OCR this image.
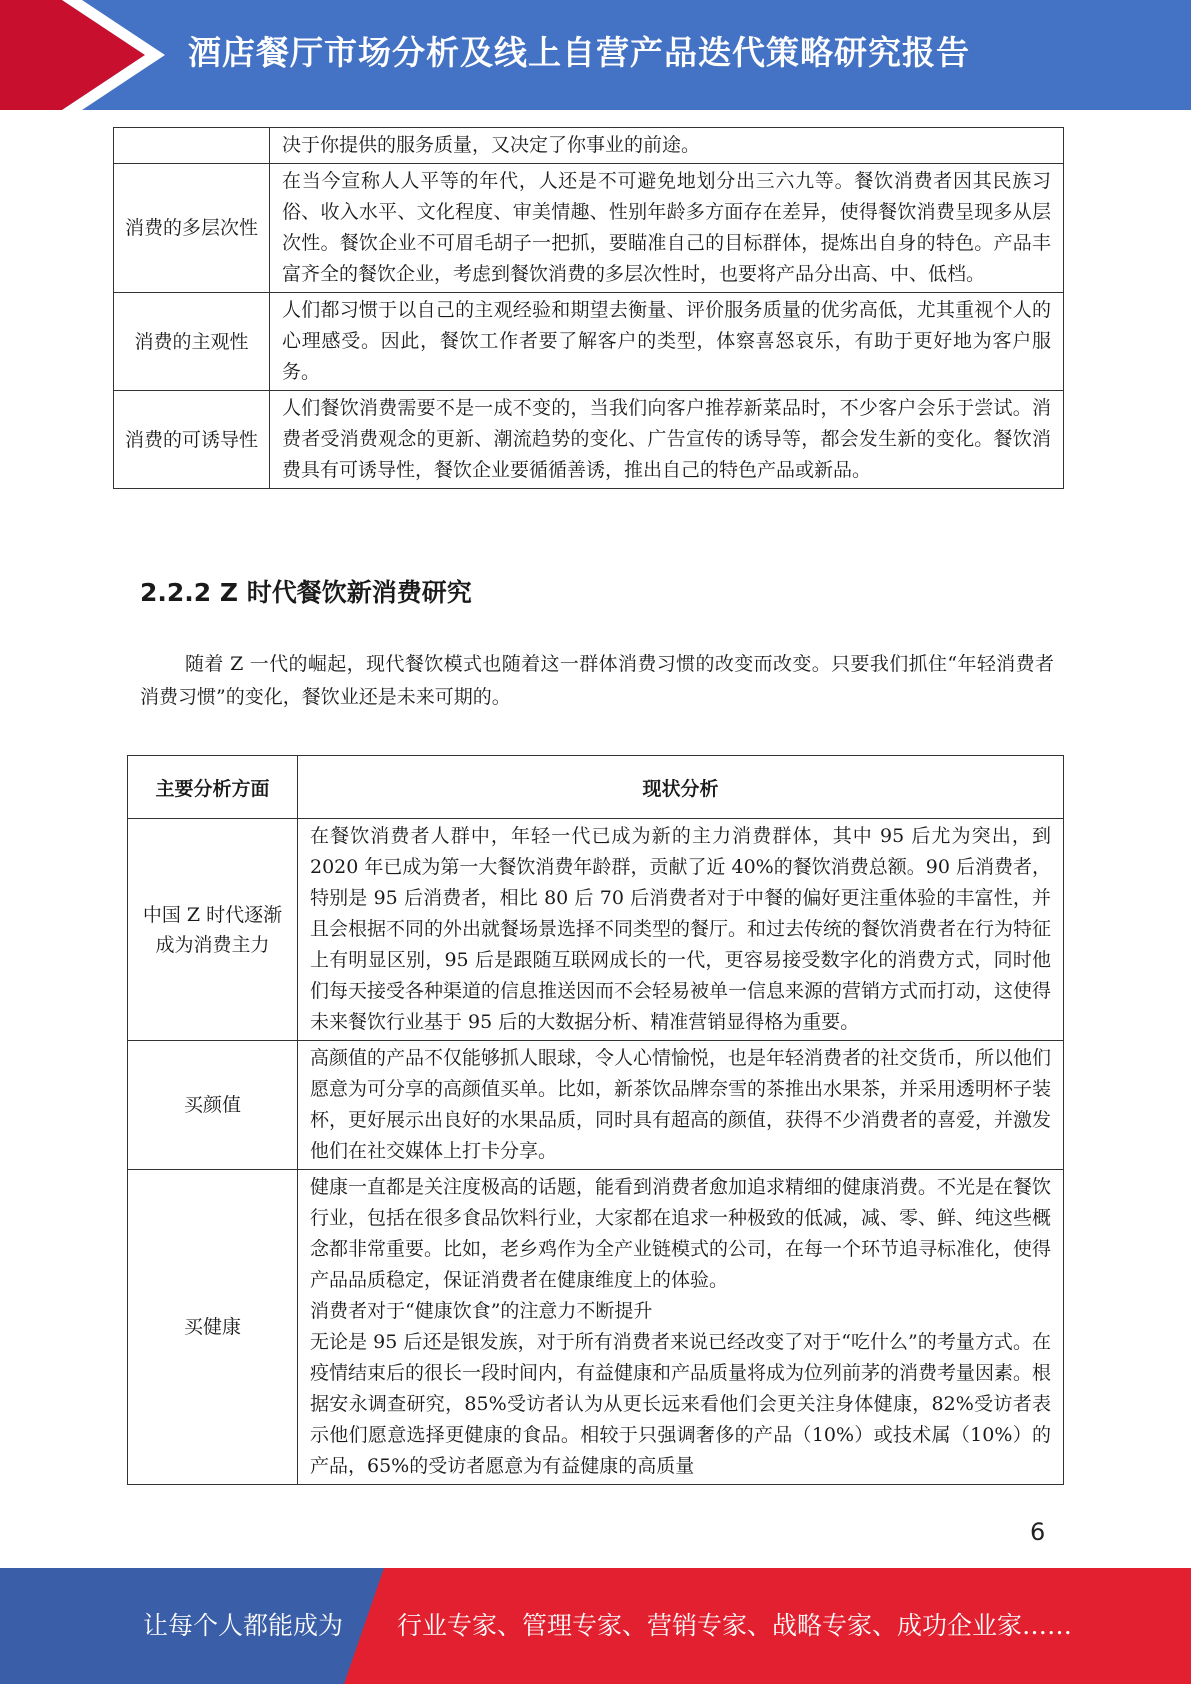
酒店餐厅市场分析及线上自营产品迭代策略研究报告
	决于你提供的服务质量，又决定了你事业的前途。
消费的多层次性	在当今宣称人人平等的年代，人还是不可避免地划分出三六九等。餐饮消费者因其民族习俗、收入水平、文化程度、审美情趣、性别年龄多方面存在差异，使得餐饮消费呈现多从层次性。餐饮企业不可眉毛胡子一把抓，要瞄准自己的目标群体，提炼出自身的特色。产品丰富齐全的餐饮企业，考虑到餐饮消费的多层次性时，也要将产品分出高、中、低档。
消费的主观性	人们都习惯于以自己的主观经验和期望去衡量、评价服务质量的优劣高低，尤其重视个人的心理感受。因此，餐饮工作者要了解客户的类型，体察喜怒哀乐，有助于更好地为客户服务。
消费的可诱导性	人们餐饮消费需要不是一成不变的，当我们向客户推荐新菜品时，不少客户会乐于尝试。消费者受消费观念的更新、潮流趋势的变化、广告宣传的诱导等，都会发生新的变化。餐饮消费具有可诱导性，餐饮企业要循循善诱，推出自己的特色产品或新品。
2.2.2 Z 时代餐饮新消费研究
随着 Z 一代的崛起，现代餐饮模式也随着这一群体消费习惯的改变而改变。只要我们抓住“年轻消费者消费习惯”的变化，餐饮业还是未来可期的。
主要分析方面	现状分析
中国 Z 时代逐渐成为消费主力	在餐饮消费者人群中，年轻一代已成为新的主力消费群体，其中 95 后尤为突出，到 2020 年已成为第一大餐饮消费年龄群，贡献了近 40%的餐饮消费总额。90 后消费者，特别是 95 后消费者，相比 80 后 70 后消费者对于中餐的偏好更注重体验的丰富性，并且会根据不同的外出就餐场景选择不同类型的餐厅。和过去传统的餐饮消费者在行为特征上有明显区别，95 后是跟随互联网成长的一代，更容易接受数字化的消费方式，同时他们每天接受各种渠道的信息推送因而不会轻易被单一信息来源的营销方式而打动，这使得未来餐饮行业基于 95 后的大数据分析、精准营销显得格为重要。
买颜值	高颜值的产品不仅能够抓人眼球，令人心情愉悦，也是年轻消费者的社交货币，所以他们愿意为可分享的高颜值买单。比如，新茶饮品牌奈雪的茶推出水果茶，并采用透明杯子装杯，更好展示出良好的水果品质，同时具有超高的颜值，获得不少消费者的喜爱，并激发他们在社交媒体上打卡分享。
买健康	健康一直都是关注度极高的话题，能看到消费者愈加追求精细的健康消费。不光是在餐饮行业，包括在很多食品饮料行业，大家都在追求一种极致的低减，减、零、鲜、纯这些概念都非常重要。比如，老乡鸡作为全产业链模式的公司，在每一个环节追寻标准化，使得产品品质稳定，保证消费者在健康维度上的体验。
消费者对于“健康饮食”的注意力不断提升
无论是 95 后还是银发族，对于所有消费者来说已经改变了对于“吃什么”的考量方式。在疫情结束后的很长一段时间内，有益健康和产品质量将成为位列前茅的消费考量因素。根据安永调查研究，85%受访者认为从更长远来看他们会更关注身体健康，82%受访者表示他们愿意选择更健康的食品。相较于只强调奢侈的产品（10%）或技术属（10%）的产品，65%的受访者愿意为有益健康的高质量
6
让每个人都能成为 行业专家、管理专家、营销专家、战略专家、成功企业家……
